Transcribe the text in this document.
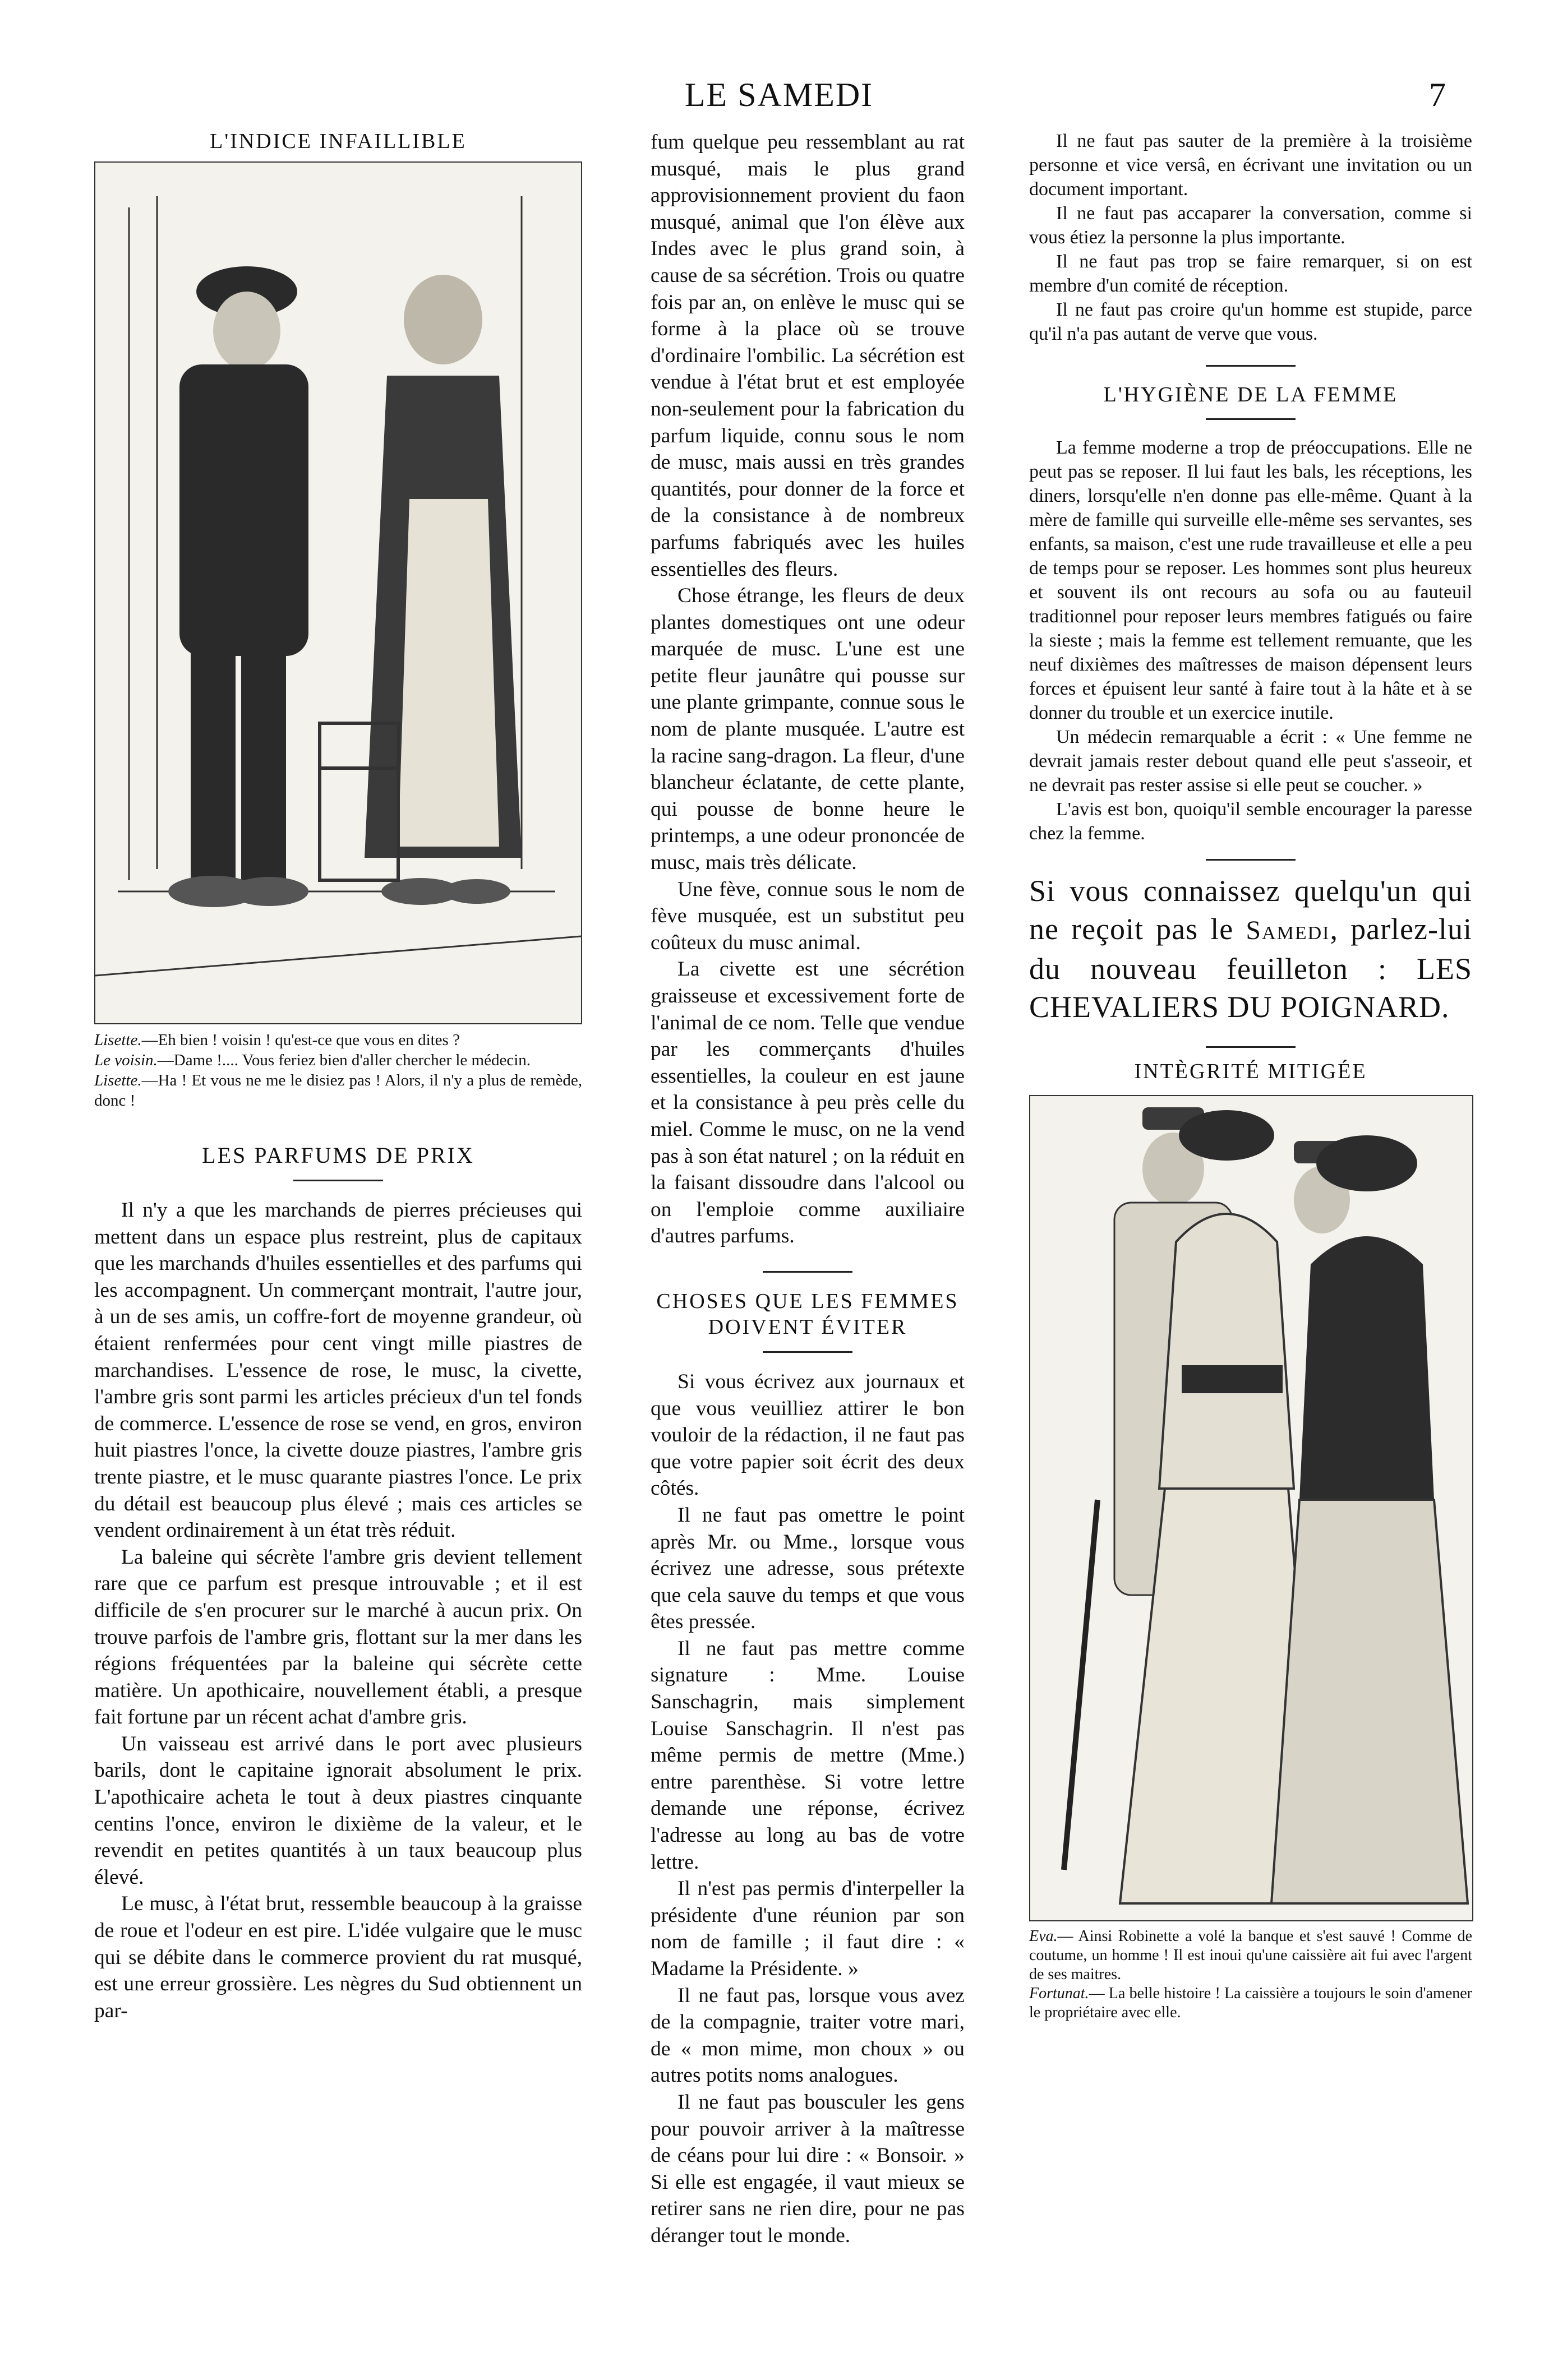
LE SAMEDI	7
L'INDICE INFAILLIBLE
Lisette.—Eh bien ! voisin ! qu'est-ce que vous en dites ?
Le voisin.—Dame !.... Vous feriez bien d'aller chercher le médecin.
Lisette.—Ha ! Et vous ne me le disiez pas ! Alors, il n'y a plus de remède, donc !
LES PARFUMS DE PRIX

Il n'y a que les marchands de pierres précieuses qui mettent dans un espace plus restreint, plus de capitaux que les marchands d'huiles essentielles et des parfums qui les accompagnent. Un commerçant montrait, l'autre jour, à un de ses amis, un coffre-fort de moyenne grandeur, où étaient renfermées pour cent vingt mille piastres de marchandises. L'essence de rose, le musc, la civette, l'ambre gris sont parmi les articles précieux d'un tel fonds de commerce. L'essence de rose se vend, en gros, environ huit piastres l'once, la civette douze piastres, l'ambre gris trente piastre, et le musc quarante piastres l'once. Le prix du détail est beaucoup plus élevé ; mais ces articles se vendent ordinairement à un état très réduit.

La baleine qui sécrète l'ambre gris devient tellement rare que ce parfum est presque introuvable ; et il est difficile de s'en procurer sur le marché à aucun prix. On trouve parfois de l'ambre gris, flottant sur la mer dans les régions fréquentées par la baleine qui sécrète cette matière. Un apothicaire, nouvellement établi, a presque fait fortune par un récent achat d'ambre gris.

Un vaisseau est arrivé dans le port avec plusieurs barils, dont le capitaine ignorait absolument le prix. L'apothicaire acheta le tout à deux piastres cinquante centins l'once, environ le dixième de la valeur, et le revendit en petites quantités à un taux beaucoup plus élevé.

Le musc, à l'état brut, ressemble beaucoup à la graisse de roue et l'odeur en est pire. L'idée vulgaire que le musc qui se débite dans le commerce provient du rat musqué, est une erreur grossière. Les nègres du Sud obtiennent un par-

fum quelque peu ressemblant au rat musqué, mais le plus grand approvisionnement provient du faon musqué, animal que l'on élève aux Indes avec le plus grand soin, à cause de sa sécrétion. Trois ou quatre fois par an, on enlève le musc qui se forme à la place où se trouve d'ordinaire l'ombilic. La sécrétion est vendue à l'état brut et est employée non-seulement pour la fabrication du parfum liquide, connu sous le nom de musc, mais aussi en très grandes quantités, pour donner de la force et de la consistance à de nombreux parfums fabriqués avec les huiles essentielles des fleurs.

Chose étrange, les fleurs de deux plantes domestiques ont une odeur marquée de musc. L'une est une petite fleur jaunâtre qui pousse sur une plante grimpante, connue sous le nom de plante musquée. L'autre est la racine sang-dragon. La fleur, d'une blancheur éclatante, de cette plante, qui pousse de bonne heure le printemps, a une odeur prononcée de musc, mais très délicate.

Une fève, connue sous le nom de fève musquée, est un substitut peu coûteux du musc animal.

La civette est une sécrétion graisseuse et excessivement forte de l'animal de ce nom. Telle que vendue par les commerçants d'huiles essentielles, la couleur en est jaune et la consistance à peu près celle du miel. Comme le musc, on ne la vend pas à son état naturel ; on la réduit en la faisant dissoudre dans l'alcool ou on l'emploie comme auxiliaire d'autres parfums.

CHOSES QUE LES FEMMES
DOIVENT ÉVITER

Si vous écrivez aux journaux et que vous veuilliez attirer le bon vouloir de la rédaction, il ne faut pas que votre papier soit écrit des deux côtés.

Il ne faut pas omettre le point après Mr. ou Mme., lorsque vous écrivez une adresse, sous prétexte que cela sauve du temps et que vous êtes pressée.

Il ne faut pas mettre comme signature : Mme. Louise Sanschagrin, mais simplement Louise Sanschagrin. Il n'est pas même permis de mettre (Mme.) entre parenthèse. Si votre lettre demande une réponse, écrivez l'adresse au long au bas de votre lettre.

Il n'est pas permis d'interpeller la présidente d'une réunion par son nom de famille ; il faut dire : « Madame la Présidente. »

Il ne faut pas, lorsque vous avez de la compagnie, traiter votre mari, de « mon mime, mon choux » ou autres potits noms analogues.

Il ne faut pas bousculer les gens pour pouvoir arriver à la maîtresse de céans pour lui dire : « Bonsoir. » Si elle est engagée, il vaut mieux se retirer sans ne rien dire, pour ne pas déranger tout le monde.

Il ne faut pas sauter de la première à la troisième personne et vice versâ, en écrivant une invitation ou un document important.

Il ne faut pas accaparer la conversation, comme si vous étiez la personne la plus importante.

Il ne faut pas trop se faire remarquer, si on est membre d'un comité de réception.

Il ne faut pas croire qu'un homme est stupide, parce qu'il n'a pas autant de verve que vous.

L'HYGIÈNE DE LA FEMME

La femme moderne a trop de préoccupations. Elle ne peut pas se reposer. Il lui faut les bals, les réceptions, les diners, lorsqu'elle n'en donne pas elle-même. Quant à la mère de famille qui surveille elle-même ses servantes, ses enfants, sa maison, c'est une rude travailleuse et elle a peu de temps pour se reposer. Les hommes sont plus heureux et souvent ils ont recours au sofa ou au fauteuil traditionnel pour reposer leurs membres fatigués ou faire la sieste ; mais la femme est tellement remuante, que les neuf dixièmes des maîtresses de maison dépensent leurs forces et épuisent leur santé à faire tout à la hâte et à se donner du trouble et un exercice inutile.

Un médecin remarquable a écrit : « Une femme ne devrait jamais rester debout quand elle peut s'asseoir, et ne devrait pas rester assise si elle peut se coucher. »

L'avis est bon, quoiqu'il semble encourager la paresse chez la femme.

Si vous connaissez quelqu'un qui ne reçoit pas le Samedi, parlez-lui du nouveau feuilleton : LES CHEVALIERS DU POIGNARD.
INTÈGRITÉ MITIGÉE
Eva.— Ainsi Robinette a volé la banque et s'est sauvé ! Comme de coutume, un homme ! Il est inoui qu'une caissière ait fui avec l'argent de ses maitres.
Fortunat.— La belle histoire ! La caissière a toujours le soin d'amener le propriétaire avec elle.
